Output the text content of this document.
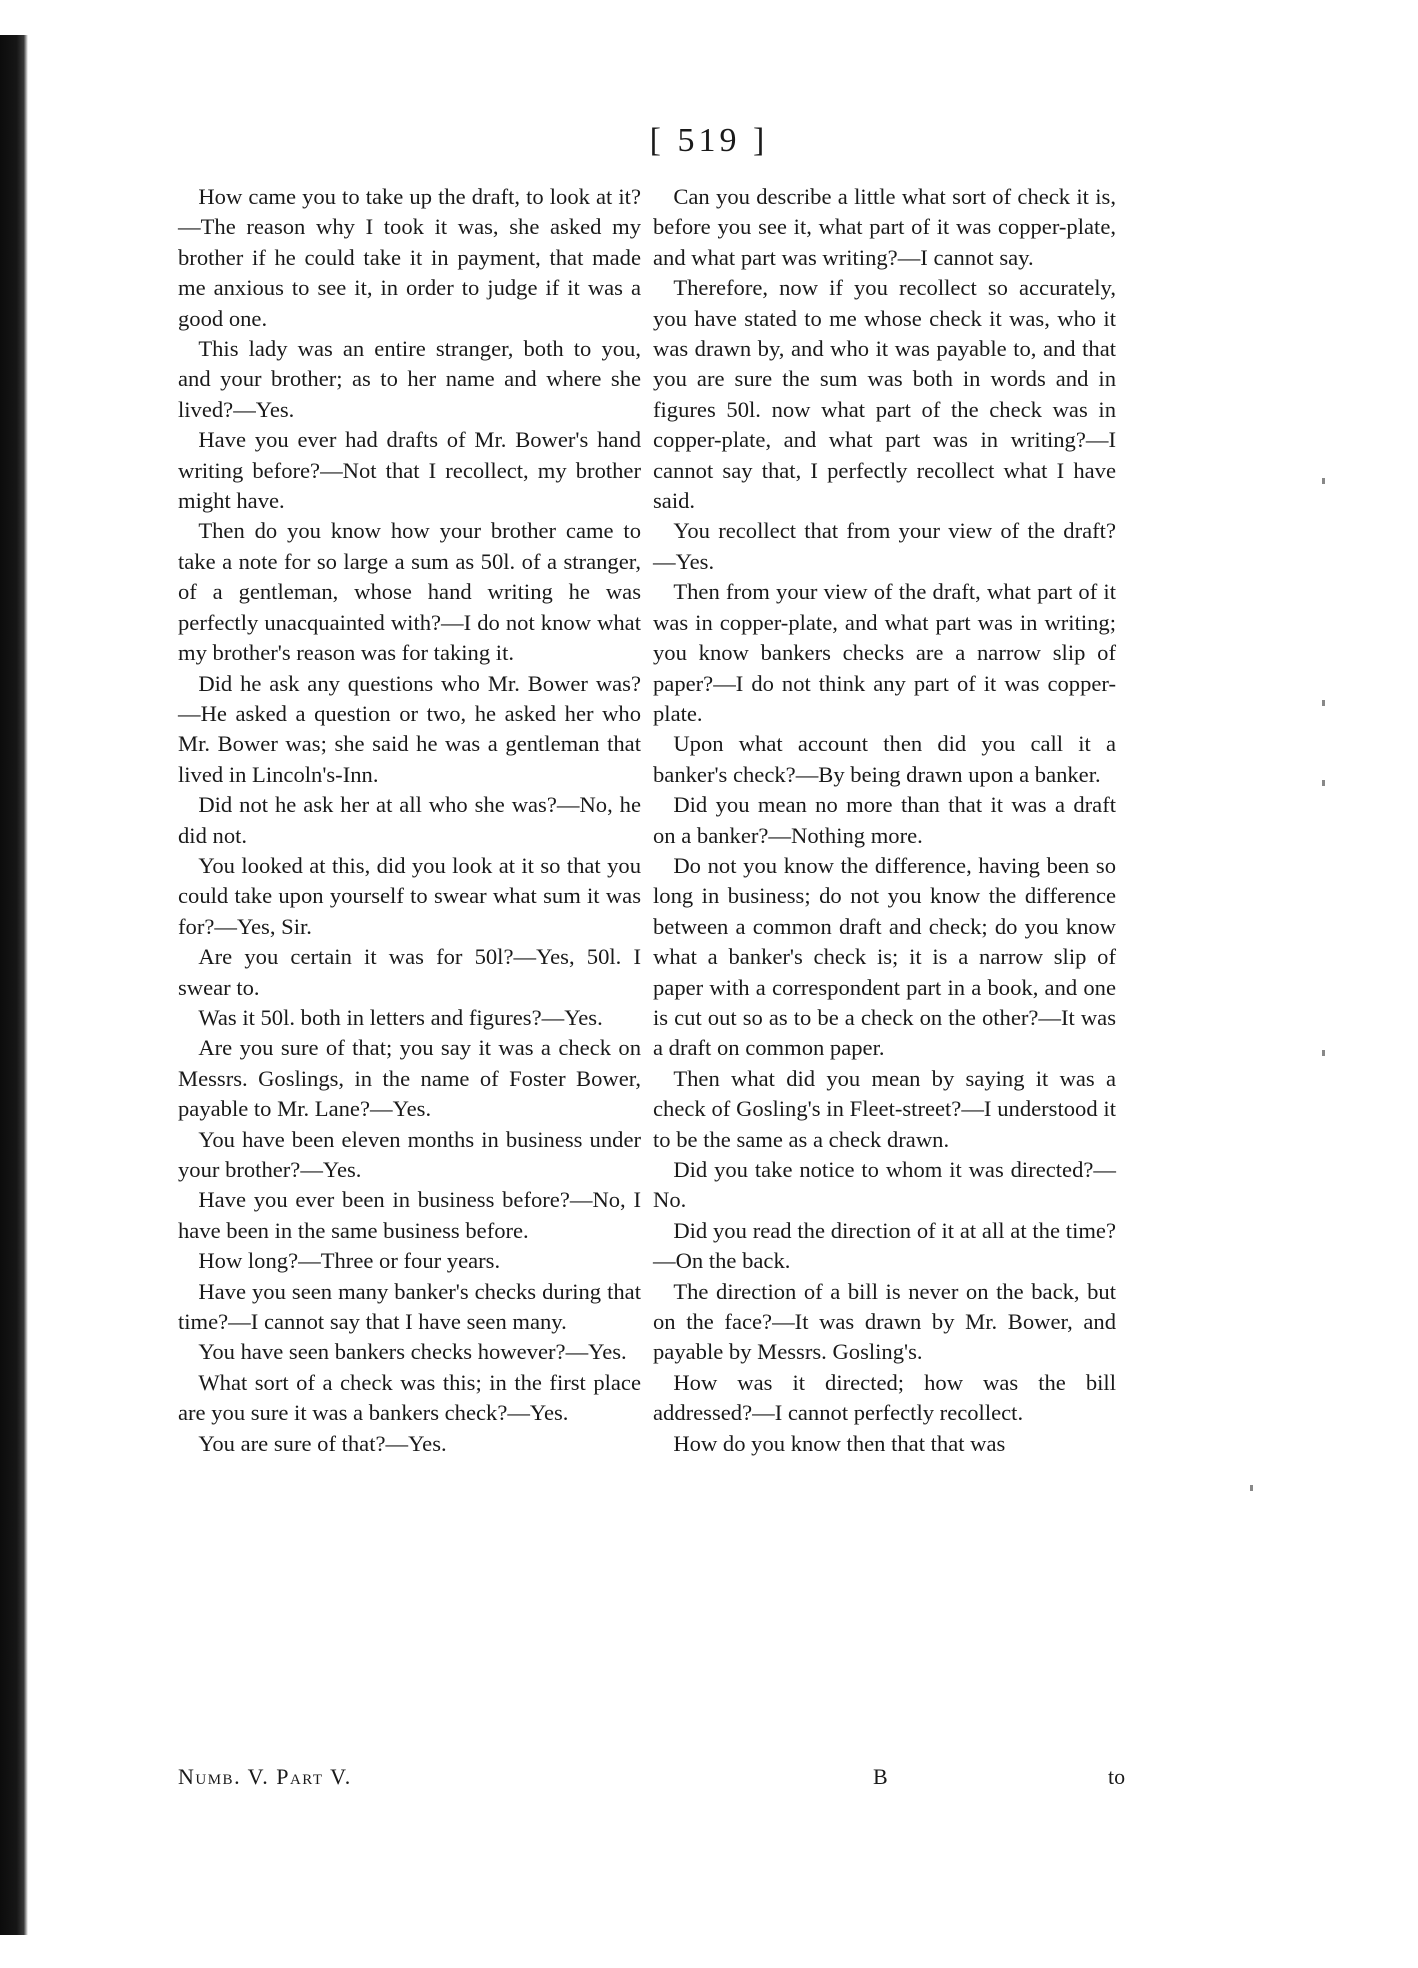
[ 519 ]

How came you to take up the draft, to look at it?—The reason why I took it was, she asked my brother if he could take it in payment, that made me anxious to see it, in order to judge if it was a good one.

This lady was an entire stranger, both to you, and your brother; as to her name and where she lived?—Yes.

Have you ever had drafts of Mr. Bower's hand writing before?—Not that I recollect, my brother might have.

Then do you know how your brother came to take a note for so large a sum as 50l. of a stranger, of a gentleman, whose hand writing he was perfectly unacquainted with?—I do not know what my brother's reason was for taking it.

Did he ask any questions who Mr. Bower was?—He asked a question or two, he asked her who Mr. Bower was; she said he was a gentleman that lived in Lincoln's-Inn.

Did not he ask her at all who she was?—No, he did not.

You looked at this, did you look at it so that you could take upon yourself to swear what sum it was for?—Yes, Sir.

Are you certain it was for 50l?—Yes, 50l. I swear to.

Was it 50l. both in letters and figures?—Yes.

Are you sure of that; you say it was a check on Messrs. Goslings, in the name of Foster Bower, payable to Mr. Lane?—Yes.

You have been eleven months in business under your brother?—Yes.

Have you ever been in business before?—No, I have been in the same business before.

How long?—Three or four years.

Have you seen many banker's checks during that time?—I cannot say that I have seen many.

You have seen bankers checks however?—Yes.

What sort of a check was this; in the first place are you sure it was a bankers check?—Yes.

You are sure of that?—Yes.

Can you describe a little what sort of check it is, before you see it, what part of it was copper-plate, and what part was writing?—I cannot say.

Therefore, now if you recollect so accurately, you have stated to me whose check it was, who it was drawn by, and who it was payable to, and that you are sure the sum was both in words and in figures 50l. now what part of the check was in copper-plate, and what part was in writing?—I cannot say that, I perfectly recollect what I have said.

You recollect that from your view of the draft?—Yes.

Then from your view of the draft, what part of it was in copper-plate, and what part was in writing; you know bankers checks are a narrow slip of paper?—I do not think any part of it was copper-plate.

Upon what account then did you call it a banker's check?—By being drawn upon a banker.

Did you mean no more than that it was a draft on a banker?—Nothing more.

Do not you know the difference, having been so long in business; do not you know the difference between a common draft and check; do you know what a banker's check is; it is a narrow slip of paper with a correspondent part in a book, and one is cut out so as to be a check on the other?—It was a draft on common paper.

Then what did you mean by saying it was a check of Gosling's in Fleet-street?—I understood it to be the same as a check drawn.

Did you take notice to whom it was directed?—No.

Did you read the direction of it at all at the time?—On the back.

The direction of a bill is never on the back, but on the face?—It was drawn by Mr. Bower, and payable by Messrs. Gosling's.

How was it directed; how was the bill addressed?—I cannot perfectly recollect.

How do you know then that that was

Numb. V. Part V.	B	to
